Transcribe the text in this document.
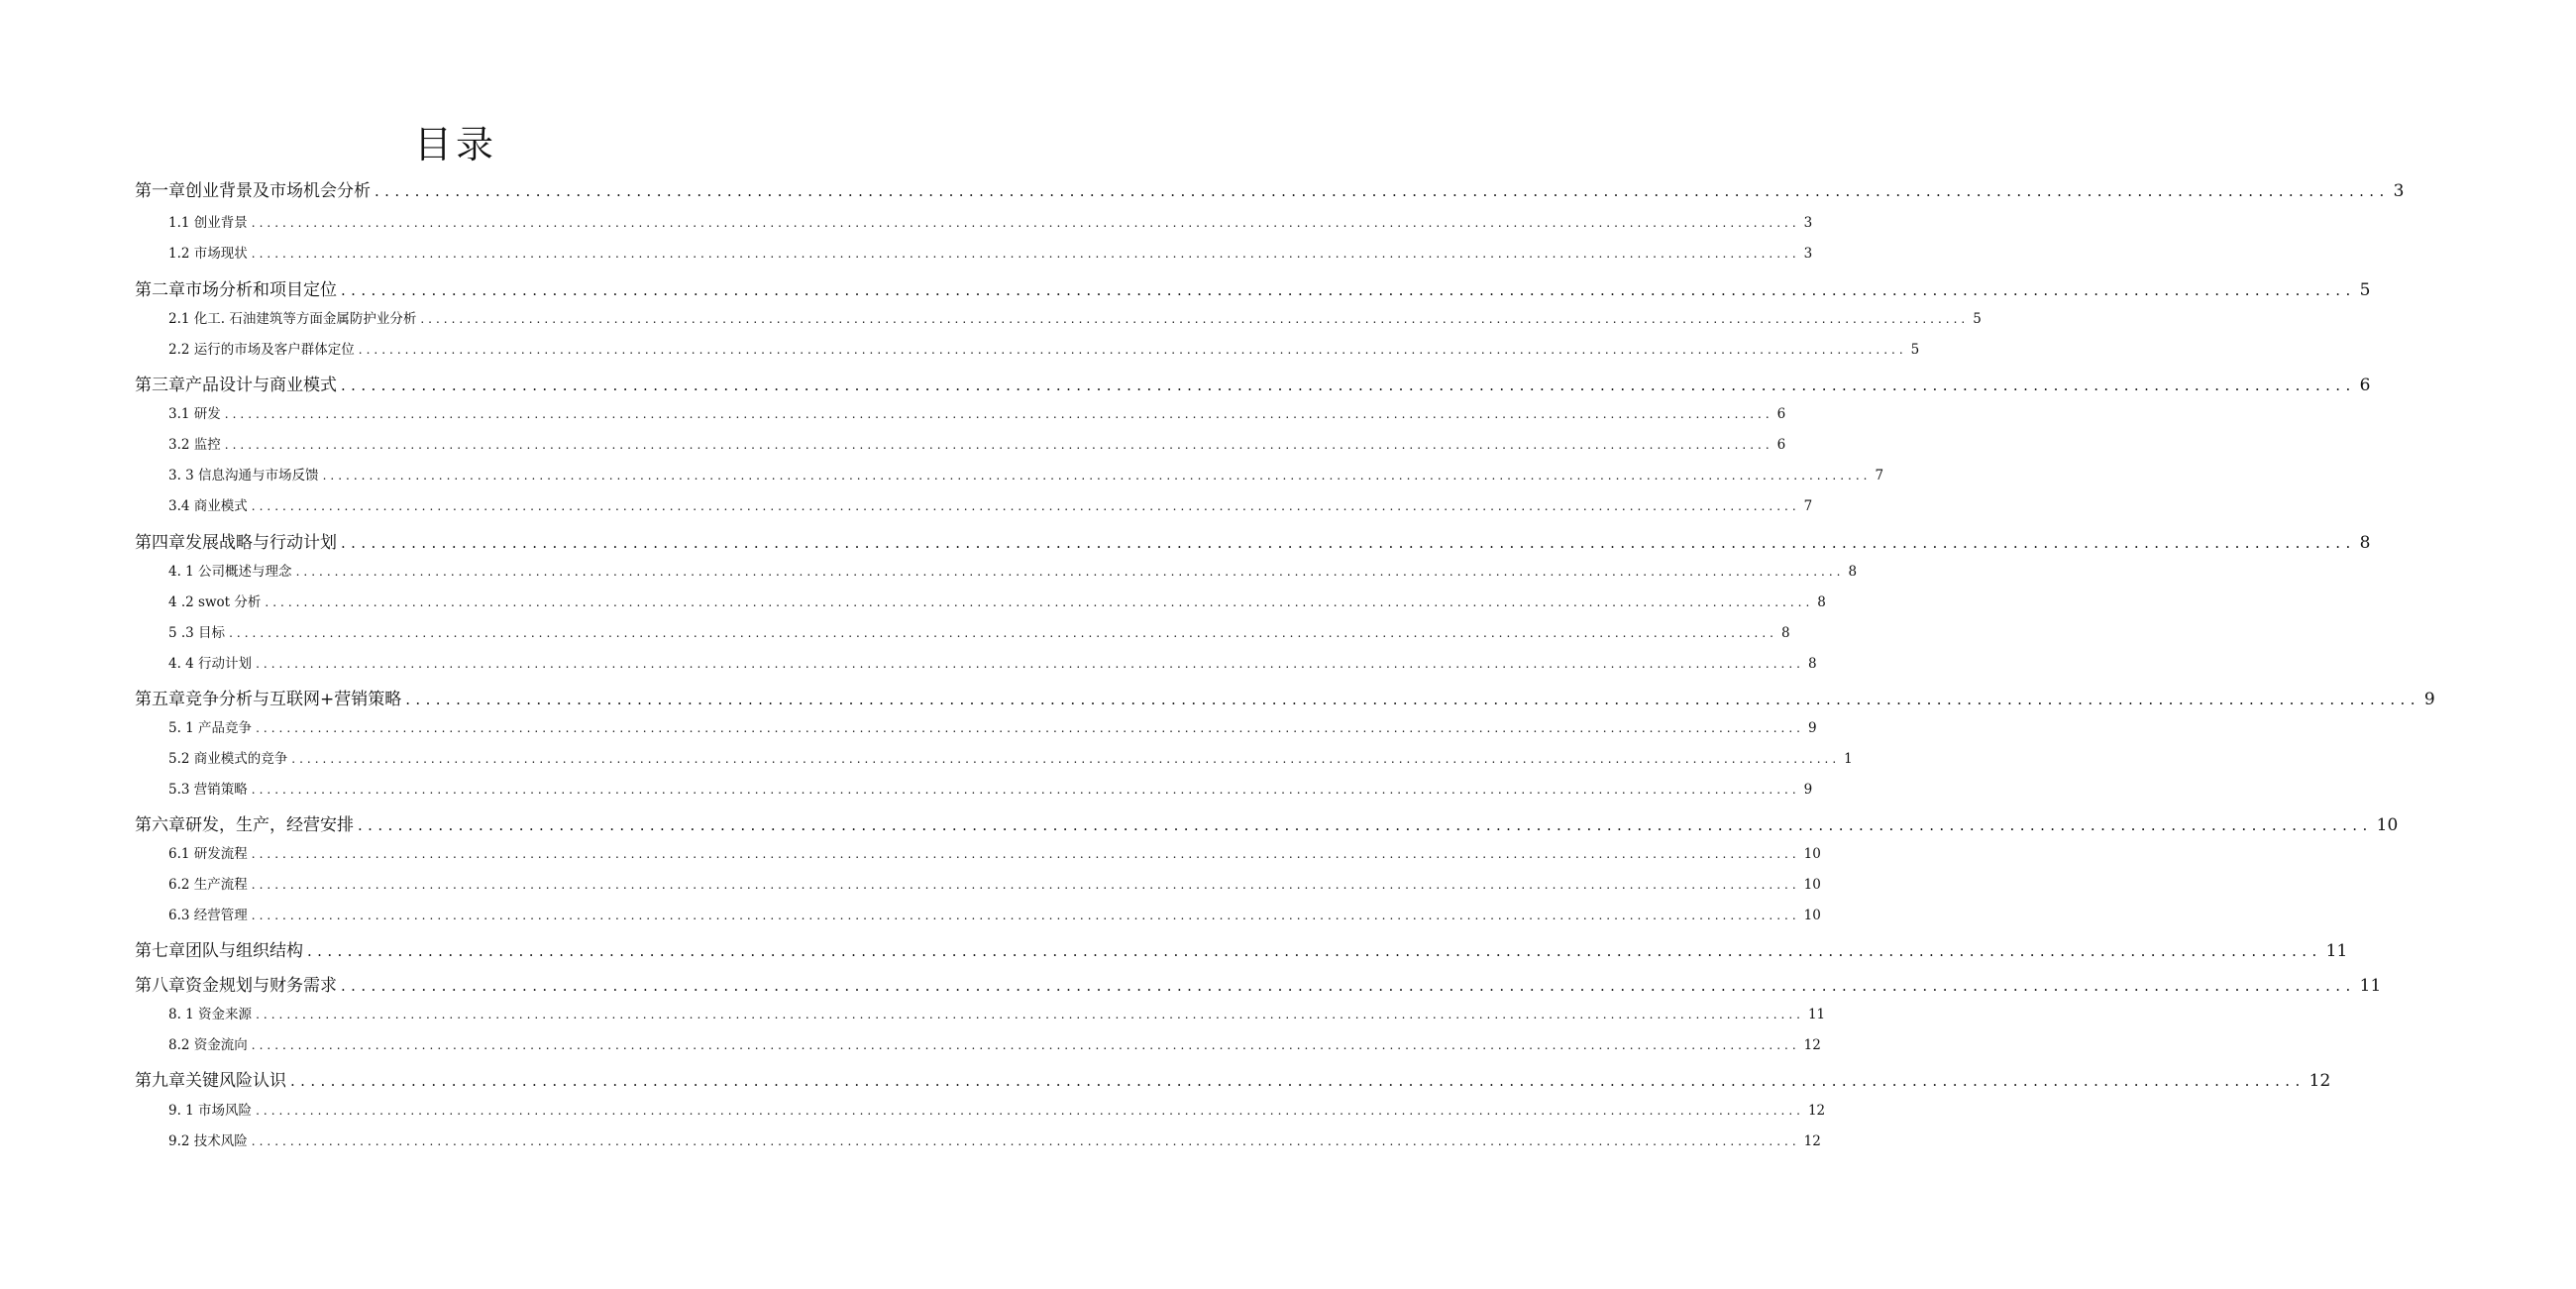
目录
第一章创业背景及市场机会分析 ........................................................................................................................................................................................................ 3
1.1 创业背景 ........................................................................................................................................................................................................ 3
1.2 市场现状 ........................................................................................................................................................................................................ 3
第二章市场分析和项目定位 ........................................................................................................................................................................................................ 5
2.1 化工. 石油建筑等方面金属防护业分析 ........................................................................................................................................................................................................ 5
2.2 运行的市场及客户群体定位 ........................................................................................................................................................................................................ 5
第三章产品设计与商业模式 ........................................................................................................................................................................................................ 6
3.1 研发 ........................................................................................................................................................................................................ 6
3.2 监控 ........................................................................................................................................................................................................ 6
3. 3 信息沟通与市场反馈 ........................................................................................................................................................................................................ 7
3.4 商业模式 ........................................................................................................................................................................................................ 7
第四章发展战略与行动计划 ........................................................................................................................................................................................................ 8
4. 1 公司概述与理念 ........................................................................................................................................................................................................ 8
4 .2 swot 分析 ........................................................................................................................................................................................................ 8
5 .3 目标 ........................................................................................................................................................................................................ 8
4. 4 行动计划 ........................................................................................................................................................................................................ 8
第五章竞争分析与互联网+营销策略 ........................................................................................................................................................................................................ 9
5. 1 产品竞争 ........................................................................................................................................................................................................ 9
5.2 商业模式的竞争 ........................................................................................................................................................................................................ 1
5.3 营销策略 ........................................................................................................................................................................................................ 9
第六章研发，生产，经营安排 ........................................................................................................................................................................................................ 10
6.1 研发流程 ........................................................................................................................................................................................................ 10
6.2 生产流程 ........................................................................................................................................................................................................ 10
6.3 经营管理 ........................................................................................................................................................................................................ 10
第七章团队与组织结构 ........................................................................................................................................................................................................ 11
第八章资金规划与财务需求 ........................................................................................................................................................................................................ 11
8. 1 资金来源 ........................................................................................................................................................................................................ 11
8.2 资金流向 ........................................................................................................................................................................................................ 12
第九章关键风险认识 ........................................................................................................................................................................................................ 12
9. 1 市场风险 ........................................................................................................................................................................................................ 12
9.2 技术风险 ........................................................................................................................................................................................................ 12
